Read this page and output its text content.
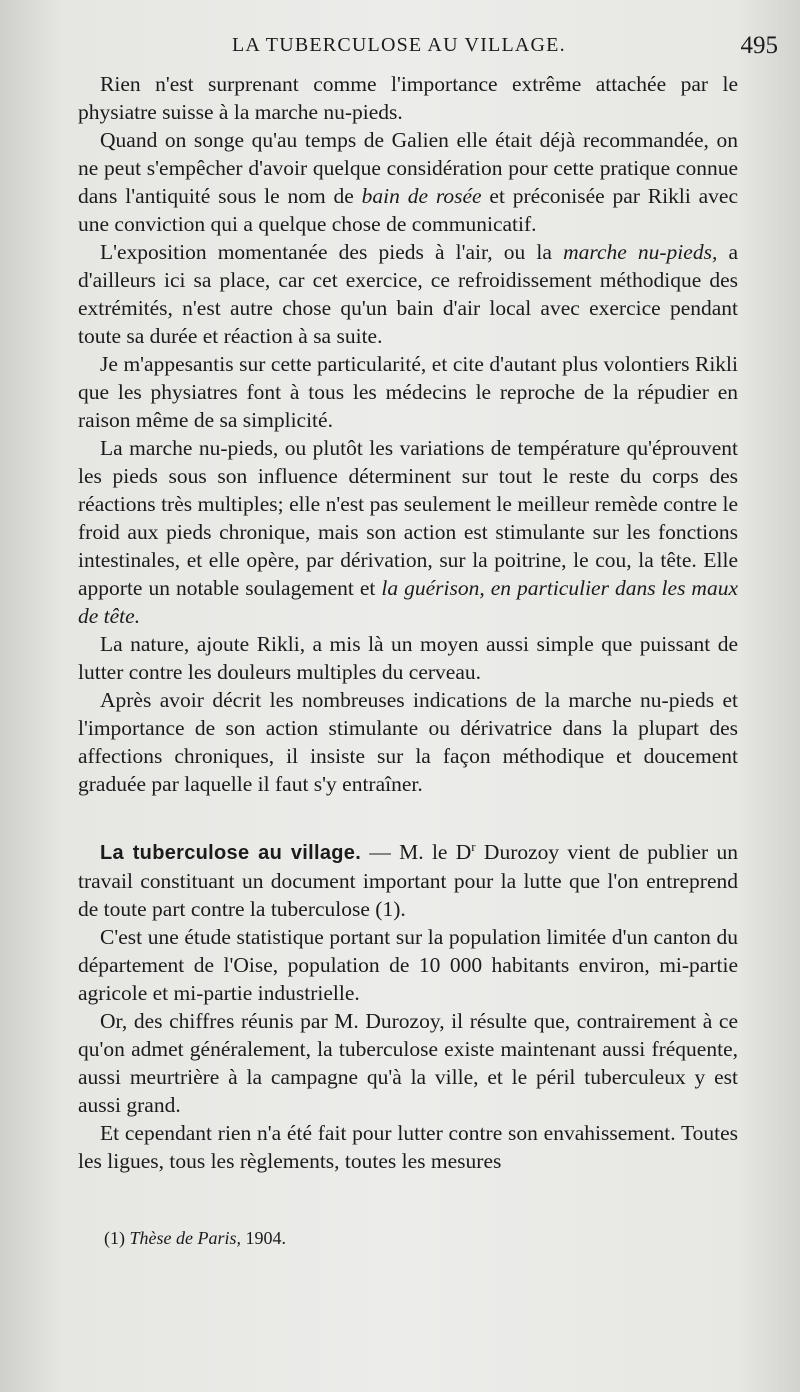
LA TUBERCULOSE AU VILLAGE.	495

Rien n'est surprenant comme l'importance extrême attachée par le physiatre suisse à la marche nu-pieds.

Quand on songe qu'au temps de Galien elle était déjà recommandée, on ne peut s'empêcher d'avoir quelque considération pour cette pratique connue dans l'antiquité sous le nom de bain de rosée et préconisée par Rikli avec une conviction qui a quelque chose de communicatif.

L'exposition momentanée des pieds à l'air, ou la marche nu-pieds, a d'ailleurs ici sa place, car cet exercice, ce refroidissement méthodique des extrémités, n'est autre chose qu'un bain d'air local avec exercice pendant toute sa durée et réaction à sa suite.

Je m'appesantis sur cette particularité, et cite d'autant plus volontiers Rikli que les physiatres font à tous les médecins le reproche de la répudier en raison même de sa simplicité.

La marche nu-pieds, ou plutôt les variations de température qu'éprouvent les pieds sous son influence déterminent sur tout le reste du corps des réactions très multiples; elle n'est pas seulement le meilleur remède contre le froid aux pieds chronique, mais son action est stimulante sur les fonctions intestinales, et elle opère, par dérivation, sur la poitrine, le cou, la tête. Elle apporte un notable soulagement et la guérison, en particulier dans les maux de tête.

La nature, ajoute Rikli, a mis là un moyen aussi simple que puissant de lutter contre les douleurs multiples du cerveau.

Après avoir décrit les nombreuses indications de la marche nu-pieds et l'importance de son action stimulante ou dérivatrice dans la plupart des affections chroniques, il insiste sur la façon méthodique et doucement graduée par laquelle il faut s'y entraîner.

La tuberculose au village. — M. le $D^r$ Durozoy vient de publier un travail constituant un document important pour la lutte que l'on entreprend de toute part contre la tuberculose (1).

C'est une étude statistique portant sur la population limitée d'un canton du département de l'Oise, population de 10 000 habitants environ, mi-partie agricole et mi-partie industrielle.

Or, des chiffres réunis par M. Durozoy, il résulte que, contrairement à ce qu'on admet généralement, la tuberculose existe maintenant aussi fréquente, aussi meurtrière à la campagne qu'à la ville, et le péril tuberculeux y est aussi grand.

Et cependant rien n'a été fait pour lutter contre son envahissement. Toutes les ligues, tous les règlements, toutes les mesures

(1) Thèse de Paris, 1904.
